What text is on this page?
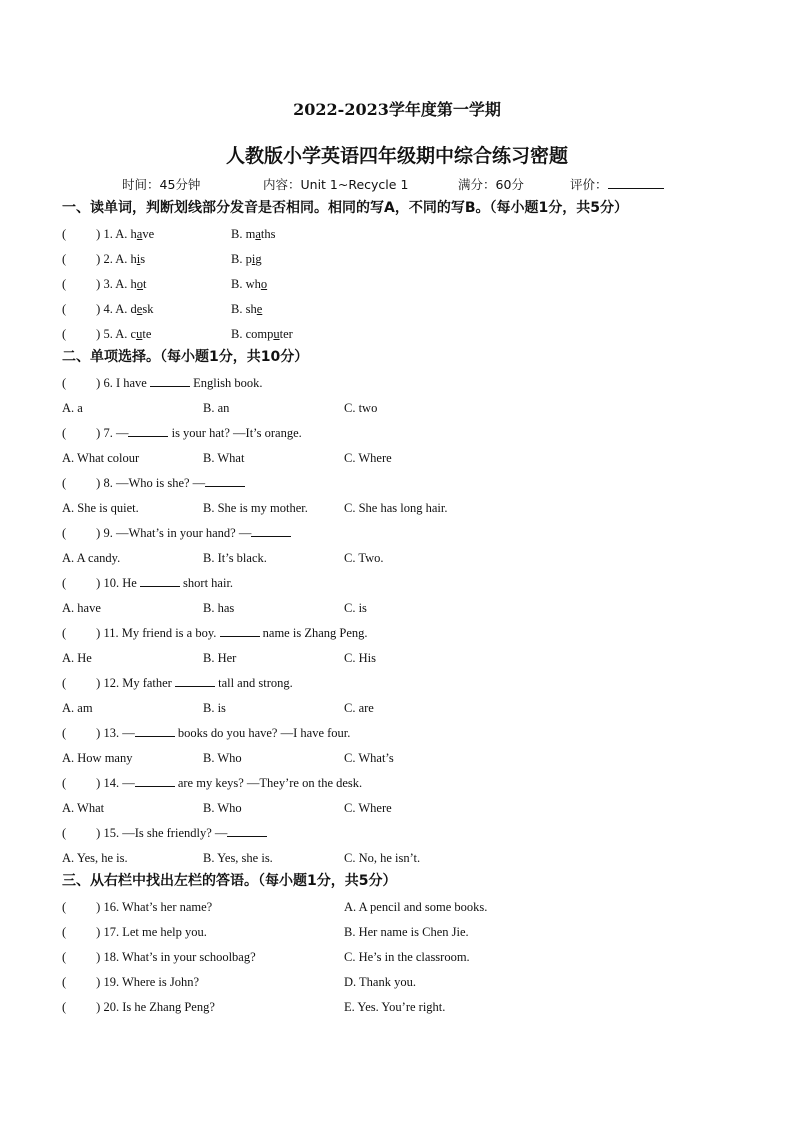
2022-2023学年度第一学期
人教版小学英语四年级期中综合练习密题
时间：45分钟	内容：Unit 1~Recycle 1	满分：60分	评价：
一、读单词，判断划线部分发音是否相同。相同的写A，不同的写B。（每小题1分，共5分）
( ) 1. A. have	B. maths
( ) 2. A. his	B. pig
( ) 3. A. hot	B. who
( ) 4. A. desk	B. she
( ) 5. A. cute	B. computer
二、单项选择。（每小题1分，共10分）
( ) 6. I have	English book.
A. a	B. an	C. two
( ) 7. —	is your hat? —It’s orange.
A. What colour	B. What	C. Where
( ) 8. —Who is she? —
A. She is quiet.	B. She is my mother.	C. She has long hair.
( ) 9. —What’s in your hand? —
A. A candy.	B. It’s black.	C. Two.
( ) 10. He	short hair.
A. have	B. has	C. is
( ) 11. My friend is a boy.	name is Zhang Peng.
A. He	B. Her	C. His
( ) 12. My father	tall and strong.
A. am	B. is	C. are
( ) 13. —	books do you have? —I have four.
A. How many	B. Who	C. What’s
( ) 14. —	are my keys? —They’re on the desk.
A. What	B. Who	C. Where
( ) 15. —Is she friendly? —
A. Yes, he is.	B. Yes, she is.	C. No, he isn’t.
三、从右栏中找出左栏的答语。（每小题1分，共5分）
( ) 16. What’s her name?	A. A pencil and some books.
( ) 17. Let me help you.	B. Her name is Chen Jie.
( ) 18. What’s in your schoolbag?	C. He’s in the classroom.
( ) 19. Where is John?	D. Thank you.
( ) 20. Is he Zhang Peng?	E. Yes. You’re right.
